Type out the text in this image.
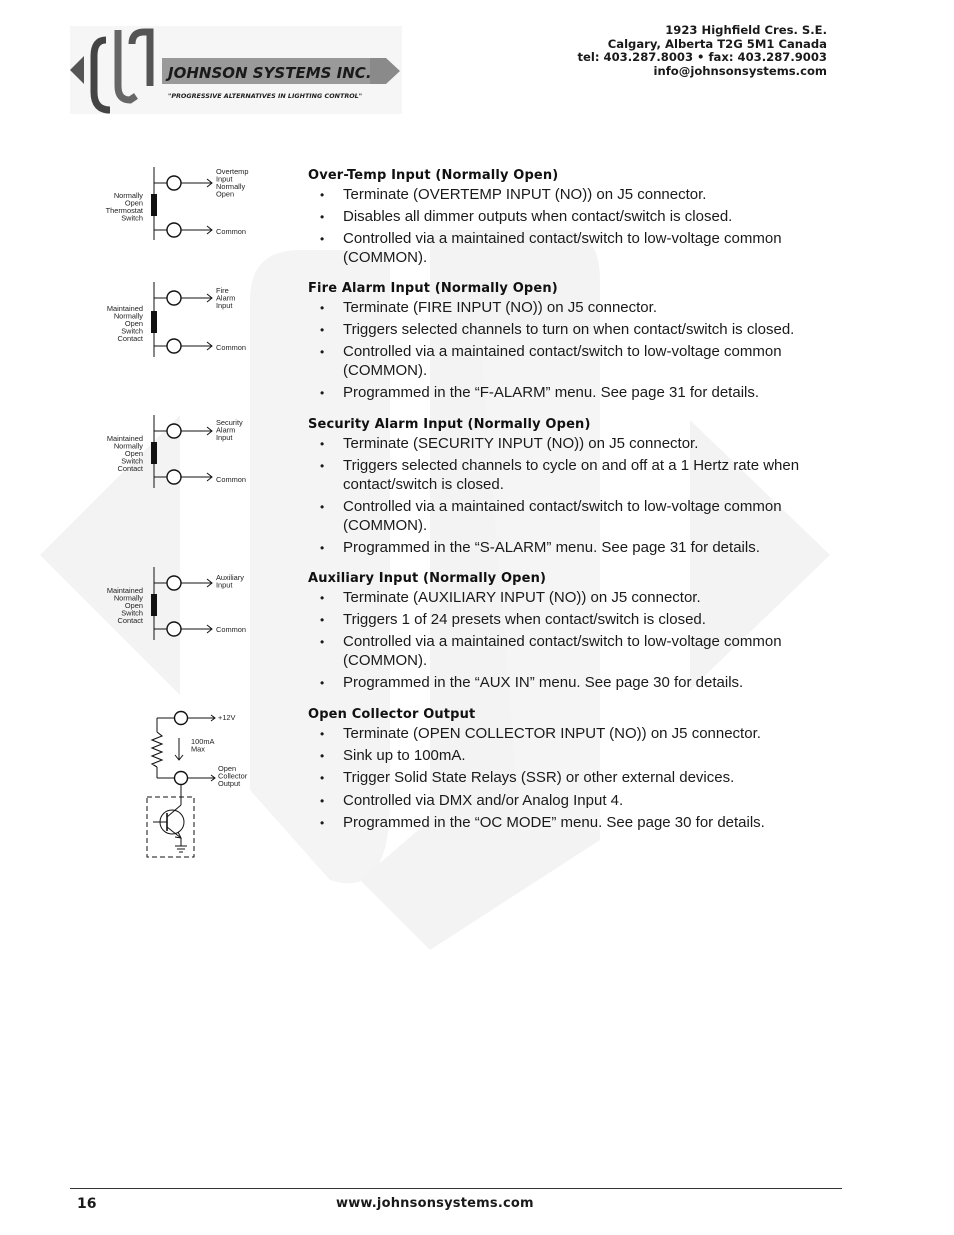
JOHNSON SYSTEMS INC.
"PROGRESSIVE ALTERNATIVES IN LIGHTING CONTROL"
1923 Highfield Cres. S.E.
Calgary, Alberta T2G 5M1 Canada
tel: 403.287.8003 • fax: 403.287.9003
info@johnsonsystems.com
Normally
Open
Thermostat
Switch
Overtemp
Input
Normally
Open
Common
Maintained
Normally
Open
Switch
Contact
Fire
Alarm
Input
Common
Maintained
Normally
Open
Switch
Contact
Security
Alarm
Input
Common
Maintained
Normally
Open
Switch
Contact
Auxiliary
Input
Common
+12V
100mA
Max
Open
Collector
Output
Over-Temp Input (Normally Open)
• Terminate (OVERTEMP INPUT (NO)) on J5 connector.
• Disables all dimmer outputs when contact/switch is closed.
• Controlled via a maintained contact/switch to low-voltage common (COMMON).
Fire Alarm Input (Normally Open)
• Terminate (FIRE INPUT (NO)) on J5 connector.
• Triggers selected channels to turn on when contact/switch is closed.
• Controlled via a maintained contact/switch to low-voltage common (COMMON).
• Programmed in the “F-ALARM” menu. See page 31 for details.
Security Alarm Input (Normally Open)
• Terminate (SECURITY INPUT (NO)) on J5 connector.
• Triggers selected channels to cycle on and off at a 1 Hertz rate when contact/switch is closed.
• Controlled via a maintained contact/switch to low-voltage common (COMMON).
• Programmed in the “S-ALARM” menu. See page 31 for details.
Auxiliary Input (Normally Open)
• Terminate (AUXILIARY INPUT (NO)) on J5 connector.
• Triggers 1 of 24 presets when contact/switch is closed.
• Controlled via a maintained contact/switch to low-voltage common (COMMON).
• Programmed in the “AUX IN” menu. See page 30 for details.
Open Collector Output
• Terminate (OPEN COLLECTOR INPUT (NO)) on J5 connector.
• Sink up to 100mA.
• Trigger Solid State Relays (SSR) or other external devices.
• Controlled via DMX and/or Analog Input 4.
• Programmed in the “OC MODE” menu. See page 30 for details.
16	www.johnsonsystems.com
